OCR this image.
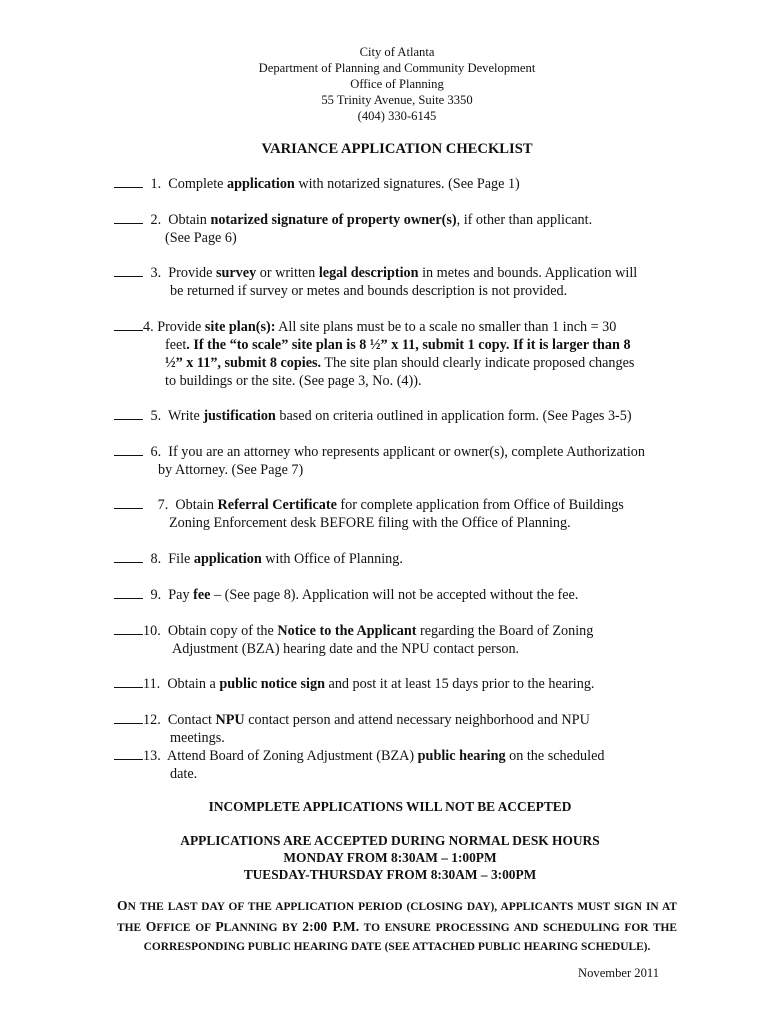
City of Atlanta
Department of Planning and Community Development
Office of Planning
55 Trinity Avenue, Suite 3350
(404) 330-6145
VARIANCE APPLICATION CHECKLIST
1. Complete application with notarized signatures. (See Page 1)
2. Obtain notarized signature of property owner(s), if other than applicant.
(See Page 6)
3. Provide survey or written legal description in metes and bounds. Application will
be returned if survey or metes and bounds description is not provided.
4. Provide site plan(s): All site plans must be to a scale no smaller than 1 inch = 30
feet. If the “to scale” site plan is 8 ½” x 11, submit 1 copy. If it is larger than 8
½” x 11”, submit 8 copies. The site plan should clearly indicate proposed changes
to buildings or the site. (See page 3, No. (4)).
5. Write justification based on criteria outlined in application form. (See Pages 3-5)
6. If you are an attorney who represents applicant or owner(s), complete Authorization
by Attorney. (See Page 7)
7. Obtain Referral Certificate for complete application from Office of Buildings
Zoning Enforcement desk BEFORE filing with the Office of Planning.
8. File application with Office of Planning.
9. Pay fee – (See page 8). Application will not be accepted without the fee.
10. Obtain copy of the Notice to the Applicant regarding the Board of Zoning
Adjustment (BZA) hearing date and the NPU contact person.
11. Obtain a public notice sign and post it at least 15 days prior to the hearing.
12. Contact NPU contact person and attend necessary neighborhood and NPU
meetings.
13. Attend Board of Zoning Adjustment (BZA) public hearing on the scheduled
date.
INCOMPLETE APPLICATIONS WILL NOT BE ACCEPTED
APPLICATIONS ARE ACCEPTED DURING NORMAL DESK HOURS
MONDAY FROM 8:30AM – 1:00PM
TUESDAY-THURSDAY FROM 8:30AM – 3:00PM
ON THE LAST DAY OF THE APPLICATION PERIOD (CLOSING DAY), APPLICANTS MUST SIGN IN AT THE OFFICE OF PLANNING BY 2:00 P.M. TO ENSURE PROCESSING AND SCHEDULING FOR THE CORRESPONDING PUBLIC HEARING DATE (SEE ATTACHED PUBLIC HEARING SCHEDULE).
November 2011
